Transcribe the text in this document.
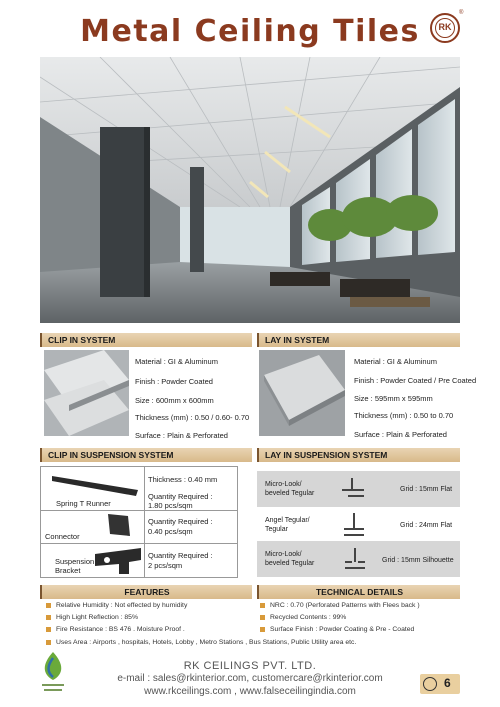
Metal Ceiling Tiles	RK
®
CLIP IN SYSTEM
Material : GI & Aluminum
Finish : Powder Coated
Size : 600mm x 600mm
Thickness (mm) : 0.50 / 0.60- 0.70
Surface : Plain & Perforated
LAY IN SYSTEM
Material : GI & Aluminum
Finish : Powder Coated / Pre Coated
Size : 595mm x 595mm
Thickness (mm) : 0.50 to 0.70
Surface : Plain & Perforated
CLIP IN SUSPENSION SYSTEM
Spring T Runner
Thickness : 0.40 mm
Quantity Required :
1.80 pcs/sqm
Connector
Quantity Required :
0.40 pcs/sqm
Suspension
Bracket
Quantity Required :
2 pcs/sqm
LAY IN SUSPENSION SYSTEM
Micro-Look/
beveled Tegular
Grid : 15mm Flat
Angel Tegular/
Tegular
Grid : 24mm Flat
Micro-Look/
beveled Tegular	Grid : 15mm Silhouette
FEATURES	TECHNICAL DETAILS
Relative Humidity : Not effected by humidity
High Light Reflection : 85%
Fire Resistance : BS 476 . Moisture Proof .
Uses Area : Airports , hospitals, Hotels, Lobby , Metro Stations , Bus Stations, Public Utility area etc.
NRC : 0.70 (Perforated Patterns with Flees back )
Recycled Contents : 99%
Surface Finish : Powder Coating & Pre - Coated
RK CEILINGS PVT. LTD.
e-mail : sales@rkinterior.com, customercare@rkinterior.com
www.rkceilings.com , www.falseceilingindia.com
6
